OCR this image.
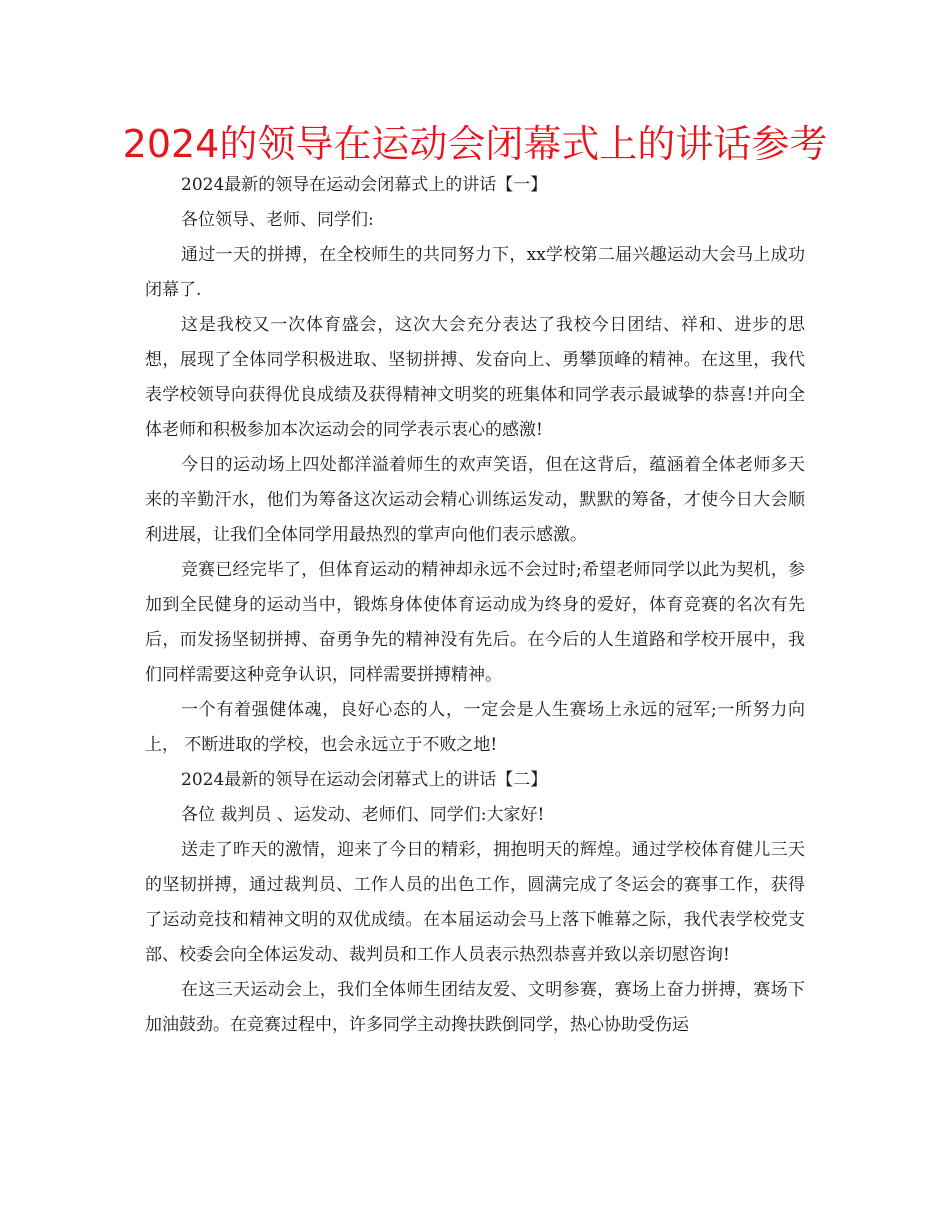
2024的领导在运动会闭幕式上的讲话参考

2024最新的领导在运动会闭幕式上的讲话【一】

各位领导、老师、同学们:

通过一天的拼搏，在全校师生的共同努力下，xx学校第二届兴趣运动大会马上成功闭幕了.

这是我校又一次体育盛会，这次大会充分表达了我校今日团结、祥和、进步的思想，展现了全体同学积极进取、坚韧拼搏、发奋向上、勇攀顶峰的精神。在这里，我代表学校领导向获得优良成绩及获得精神文明奖的班集体和同学表示最诚挚的恭喜!并向全体老师和积极参加本次运动会的同学表示衷心的感激!

今日的运动场上四处都洋溢着师生的欢声笑语，但在这背后，蕴涵着全体老师多天来的辛勤汗水，他们为筹备这次运动会精心训练运发动，默默的筹备，才使今日大会顺利进展，让我们全体同学用最热烈的掌声向他们表示感激。

竞赛已经完毕了，但体育运动的精神却永远不会过时;希望老师同学以此为契机，参加到全民健身的运动当中，锻炼身体使体育运动成为终身的爱好，体育竞赛的名次有先后，而发扬坚韧拼搏、奋勇争先的精神没有先后。在今后的人生道路和学校开展中，我们同样需要这种竞争认识，同样需要拼搏精神。

一个有着强健体魂，良好心态的人，一定会是人生赛场上永远的冠军;一所努力向上， 不断进取的学校，也会永远立于不败之地!

2024最新的领导在运动会闭幕式上的讲话【二】

各位 裁判员 、运发动、老师们、同学们:大家好!

送走了昨天的激情，迎来了今日的精彩，拥抱明天的辉煌。通过学校体育健儿三天的坚韧拼搏，通过裁判员、工作人员的出色工作，圆满完成了冬运会的赛事工作，获得了运动竞技和精神文明的双优成绩。在本届运动会马上落下帷幕之际，我代表学校党支部、校委会向全体运发动、裁判员和工作人员表示热烈恭喜并致以亲切慰咨询!

在这三天运动会上，我们全体师生团结友爱、文明参赛，赛场上奋力拼搏，赛场下加油鼓劲。在竞赛过程中，许多同学主动搀扶跌倒同学，热心协助受伤运
